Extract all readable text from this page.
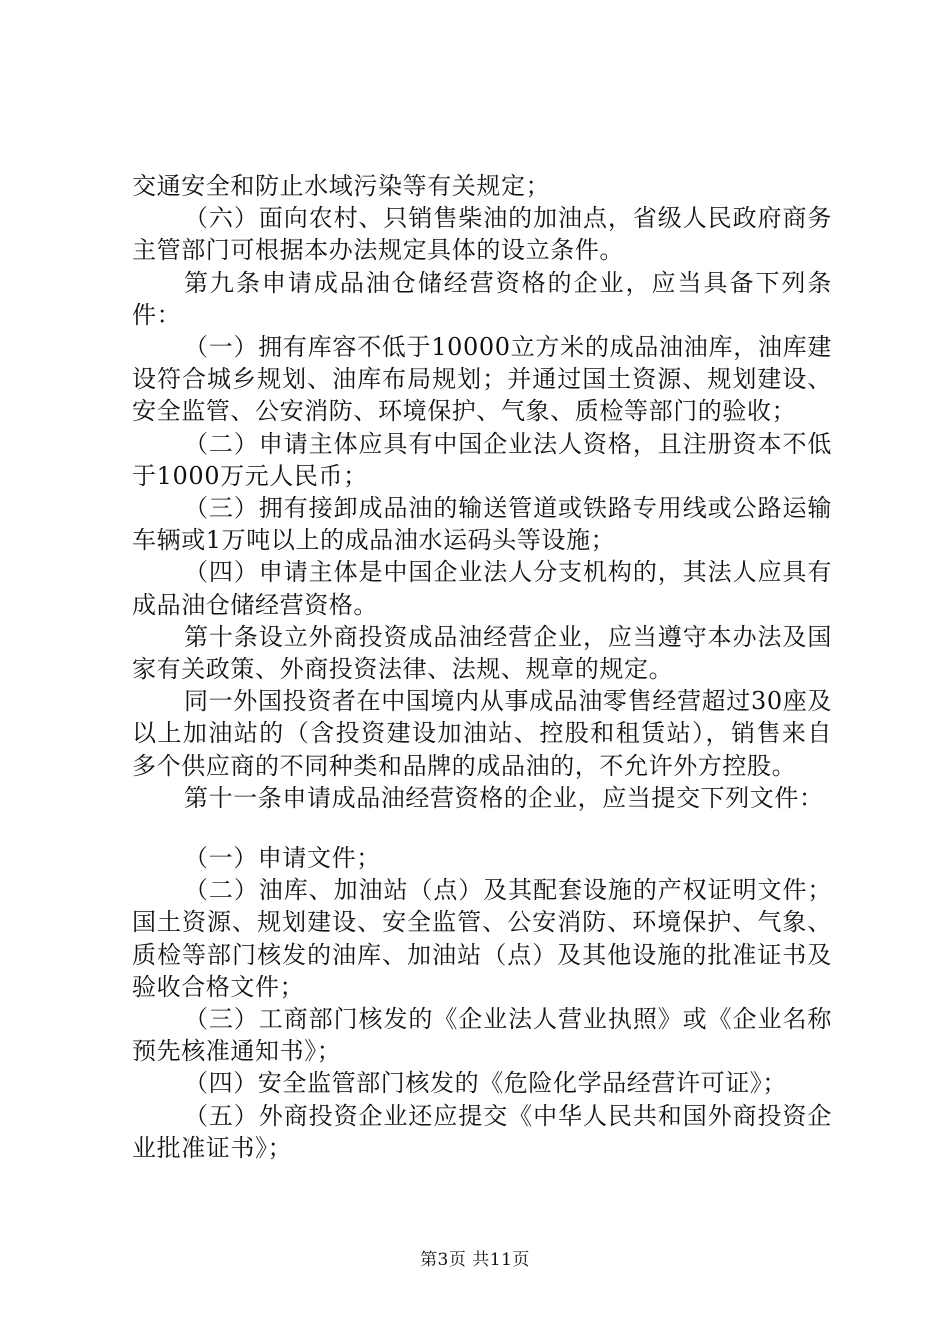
交通安全和防止水域污染等有关规定；

（六）面向农村、只销售柴油的加油点，省级人民政府商务主管部门可根据本办法规定具体的设立条件。

第九条申请成品油仓储经营资格的企业，应当具备下列条件：

（一）拥有库容不低于10000立方米的成品油油库，油库建设符合城乡规划、油库布局规划；并通过国土资源、规划建设、安全监管、公安消防、环境保护、气象、质检等部门的验收；

（二）申请主体应具有中国企业法人资格，且注册资本不低于1000万元人民币；

（三）拥有接卸成品油的输送管道或铁路专用线或公路运输车辆或1万吨以上的成品油水运码头等设施；

（四）申请主体是中国企业法人分支机构的，其法人应具有成品油仓储经营资格。

第十条设立外商投资成品油经营企业，应当遵守本办法及国家有关政策、外商投资法律、法规、规章的规定。

同一外国投资者在中国境内从事成品油零售经营超过30座及以上加油站的（含投资建设加油站、控股和租赁站），销售来自多个供应商的不同种类和品牌的成品油的，不允许外方控股。

第十一条申请成品油经营资格的企业，应当提交下列文件：

（一）申请文件；

（二）油库、加油站（点）及其配套设施的产权证明文件；国土资源、规划建设、安全监管、公安消防、环境保护、气象、质检等部门核发的油库、加油站（点）及其他设施的批准证书及验收合格文件；

（三）工商部门核发的《企业法人营业执照》或《企业名称预先核准通知书》；

（四）安全监管部门核发的《危险化学品经营许可证》；

（五）外商投资企业还应提交《中华人民共和国外商投资企业批准证书》；

第3页 共11页
